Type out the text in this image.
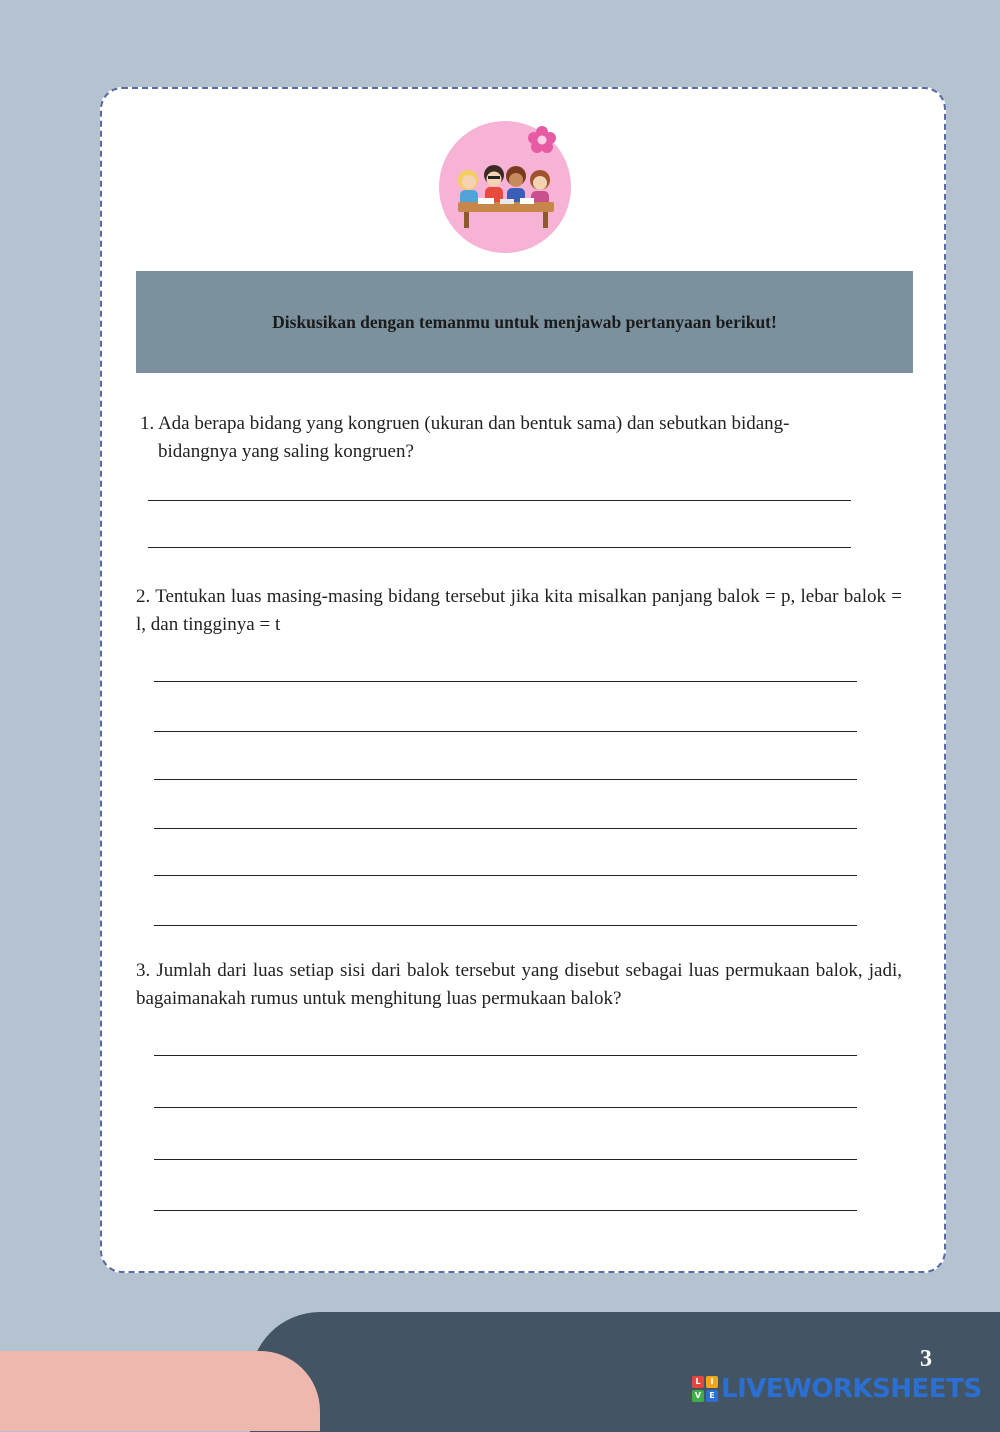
Diskusikan dengan temanmu untuk menjawab pertanyaan berikut!

1. Ada berapa bidang yang kongruen (ukuran dan bentuk sama) dan sebutkan bidang-
bidangnya yang saling kongruen?

2. Tentukan luas masing-masing bidang tersebut jika kita misalkan panjang balok = p, lebar balok = l, dan tingginya = t

3. Jumlah dari luas setiap sisi dari balok tersebut yang disebut sebagai luas permukaan balok, jadi, bagaimanakah rumus untuk menghitung luas permukaan balok?

3
L	I
V	E LIVEWORKSHEETS
